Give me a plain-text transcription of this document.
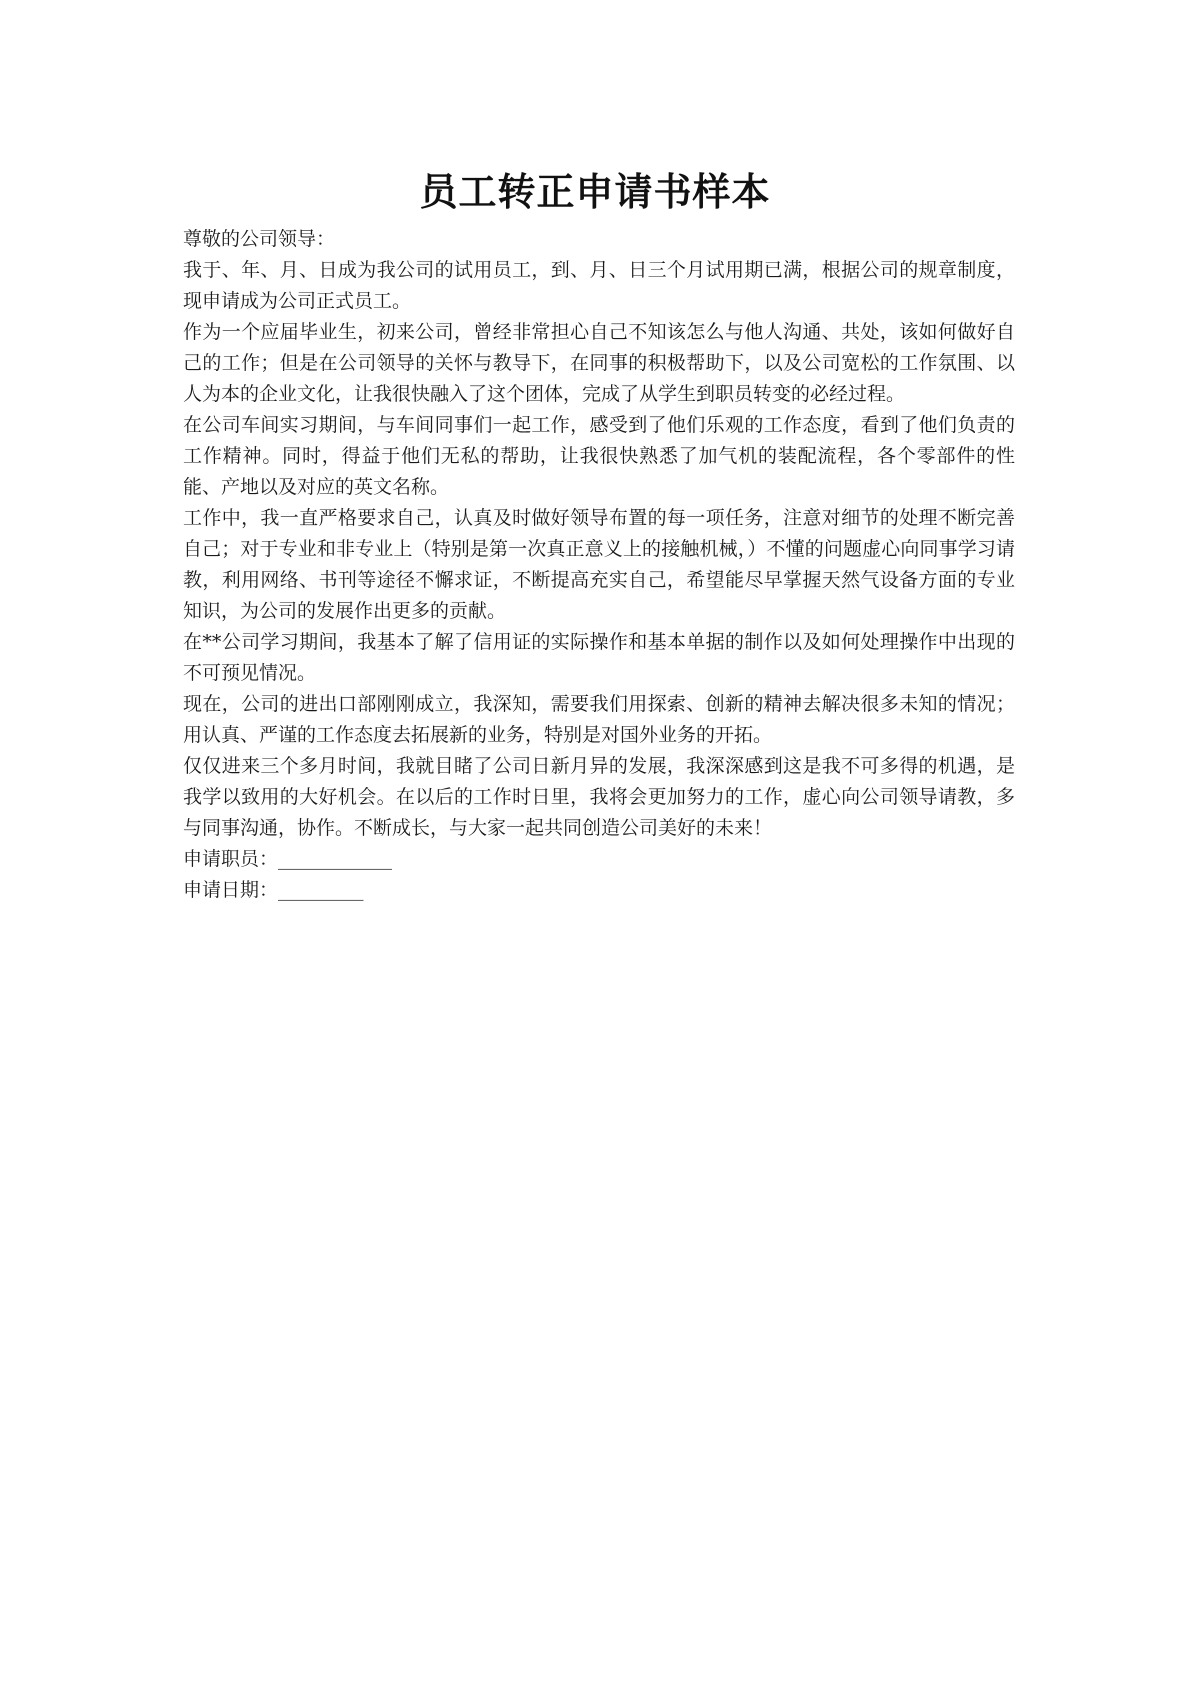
员工转正申请书样本

尊敬的公司领导：

我于、年、月、日成为我公司的试用员工，到、月、日三个月试用期已满，根据公司的规章制度，现申请成为公司正式员工。

作为一个应届毕业生，初来公司，曾经非常担心自己不知该怎么与他人沟通、共处，该如何做好自己的工作；但是在公司领导的关怀与教导下，在同事的积极帮助下，以及公司宽松的工作氛围、以人为本的企业文化，让我很快融入了这个团体，完成了从学生到职员转变的必经过程。

在公司车间实习期间，与车间同事们一起工作，感受到了他们乐观的工作态度，看到了他们负责的工作精神。同时，得益于他们无私的帮助，让我很快熟悉了加气机的装配流程，各个零部件的性能、产地以及对应的英文名称。

工作中，我一直严格要求自己，认真及时做好领导布置的每一项任务，注意对细节的处理不断完善自己；对于专业和非专业上（特别是第一次真正意义上的接触机械，）不懂的问题虚心向同事学习请教，利用网络、书刊等途径不懈求证，不断提高充实自己，希望能尽早掌握天然气设备方面的专业知识，为公司的发展作出更多的贡献。

在**公司学习期间，我基本了解了信用证的实际操作和基本单据的制作以及如何处理操作中出现的不可预见情况。

现在，公司的进出口部刚刚成立，我深知，需要我们用探索、创新的精神去解决很多未知的情况；用认真、严谨的工作态度去拓展新的业务，特别是对国外业务的开拓。

仅仅进来三个多月时间，我就目睹了公司日新月异的发展，我深深感到这是我不可多得的机遇，是我学以致用的大好机会。在以后的工作时日里，我将会更加努力的工作，虚心向公司领导请教，多与同事沟通，协作。不断成长，与大家一起共同创造公司美好的未来！

申请职员：____________

申请日期：_________
